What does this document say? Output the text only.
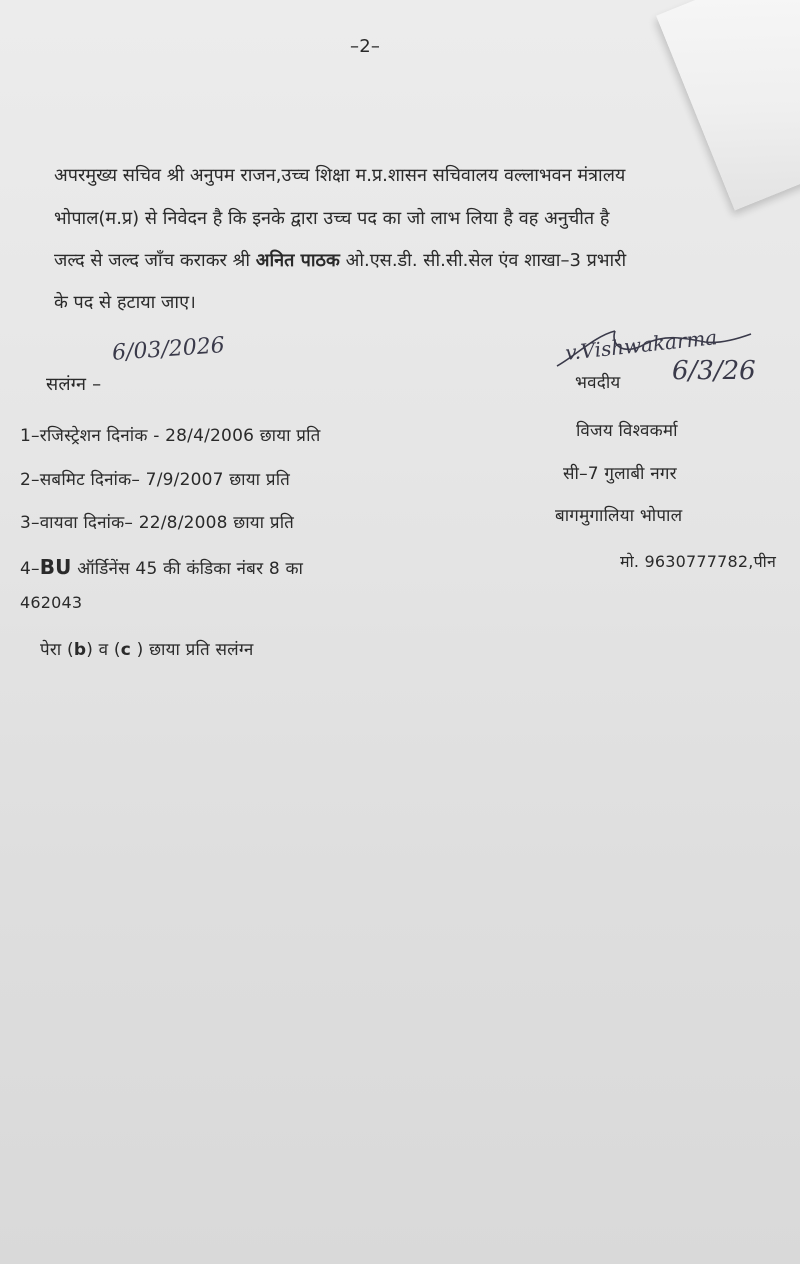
–2–
अपरमुख्य सचिव श्री अनुपम राजन,उच्च शिक्षा म.प्र.शासन सचिवालय वल्लाभवन मंत्रालय
भोपाल(म.प्र) से निवेदन है कि इनके द्वारा उच्च पद का जो लाभ लिया है वह अनुचीत है
जल्द से जल्द जाँच कराकर श्री अनित पाठक ओ.एस.डी. सी.सी.सेल एंव शाखा–3 प्रभारी
के पद से हटाया जाए।
6/03/2026
सलंग्न –
1–रजिस्ट्रेशन दिनांक - 28/4/2006 छाया प्रति
2–सबमिट दिनांक– 7/9/2007 छाया प्रति
3–वायवा दिनांक– 22/8/2008 छाया प्रति
4–BU ऑर्डिनेंस 45 की कंडिका नंबर 8 का
462043
पेरा (b) व (c ) छाया प्रति सलंग्न
v.Vishwakarma
भवदीय 6/3/26
विजय विश्वकर्मा
सी–7 गुलाबी नगर
बागमुगालिया भोपाल
मो. 9630777782,पीन
